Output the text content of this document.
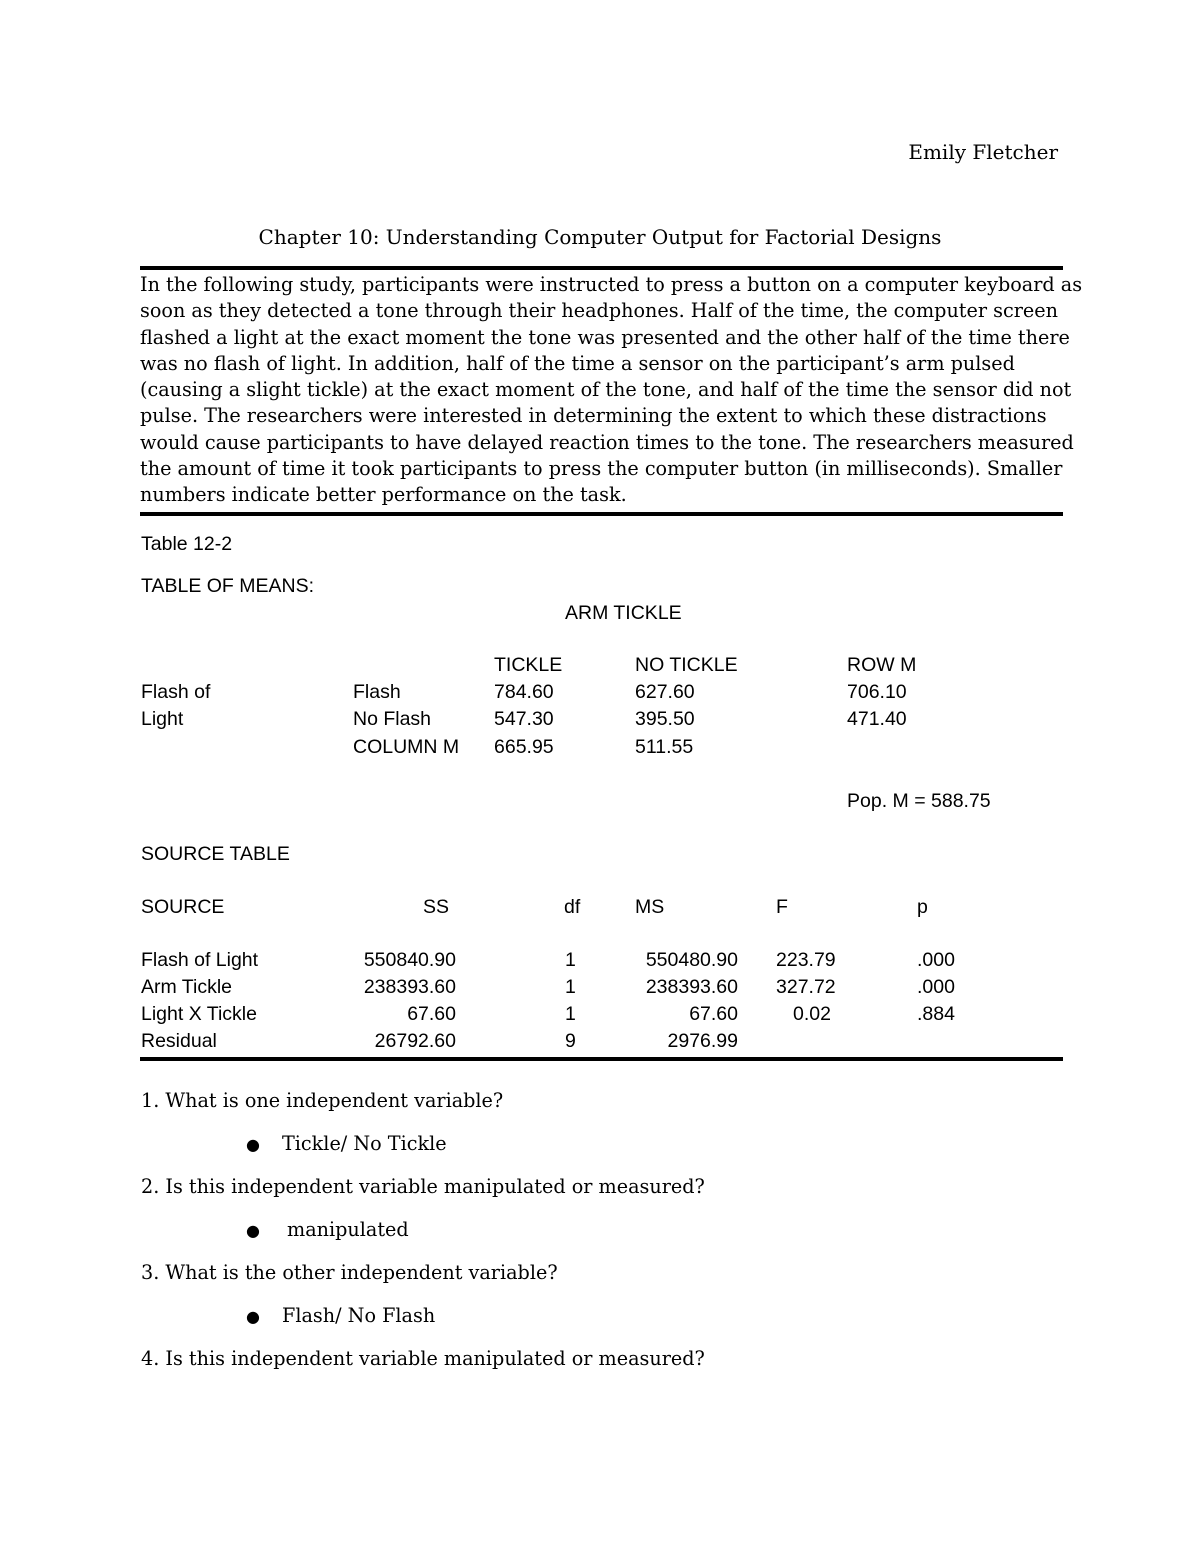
Emily Fletcher
Chapter 10: Understanding Computer Output for Factorial Designs
In the following study, participants were instructed to press a button on a computer keyboard as
soon as they detected a tone through their headphones. Half of the time, the computer screen
flashed a light at the exact moment the tone was presented and the other half of the time there
was no flash of light. In addition, half of the time a sensor on the participant’s arm pulsed
(causing a slight tickle) at the exact moment of the tone, and half of the time the sensor did not
pulse. The researchers were interested in determining the extent to which these distractions
would cause participants to have delayed reaction times to the tone. The researchers measured
the amount of time it took participants to press the computer button (in milliseconds). Smaller
numbers indicate better performance on the task.
Table 12-2
TABLE OF MEANS:
ARM TICKLE
TICKLE	NO TICKLE	ROW M
Flash of
Light
Flash	784.60	627.60	706.10
No Flash	547.30	395.50	471.40
COLUMN M 665.95	511.55
Pop. M = 588.75
SOURCE TABLE
SOURCE	SS	df	MS	F	p
Flash of Light	550840.90	1	550480.90 223.79	.000
Arm Tickle	238393.60	1	238393.60 327.72	.000
Light X Tickle	67.60	1	67.60	0.02	.884
Residual	26792.60	9	2976.99
1. What is one independent variable?
● Tickle/ No Tickle
2. Is this independent variable manipulated or measured?
● manipulated
3. What is the other independent variable?
● Flash/ No Flash
4. Is this independent variable manipulated or measured?
